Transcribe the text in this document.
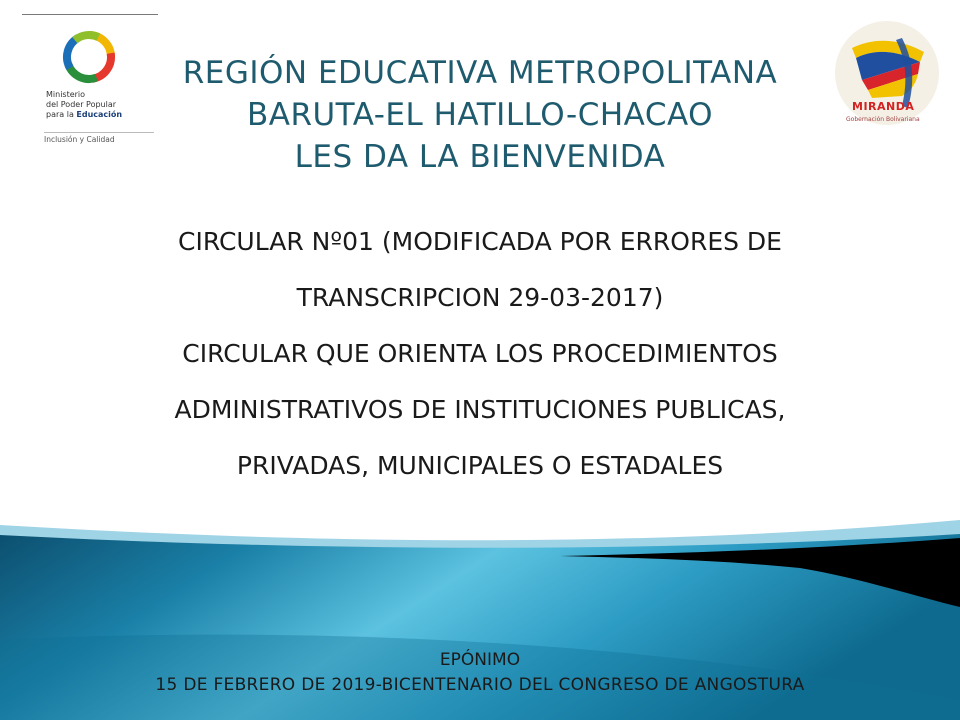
Ministerio
del Poder Popular
para la Educación
Inclusión y Calidad
MIRANDA
Gobernación Bolivariana
REGIÓN EDUCATIVA METROPOLITANA
BARUTA-EL HATILLO-CHACAO
LES DA LA BIENVENIDA
CIRCULAR Nº01 (MODIFICADA POR ERRORES DE
TRANSCRIPCION 29-03-2017)
CIRCULAR QUE ORIENTA LOS PROCEDIMIENTOS
ADMINISTRATIVOS DE INSTITUCIONES PUBLICAS,
PRIVADAS, MUNICIPALES O ESTADALES
EPÓNIMO
15 DE FEBRERO DE 2019-BICENTENARIO DEL CONGRESO DE ANGOSTURA
